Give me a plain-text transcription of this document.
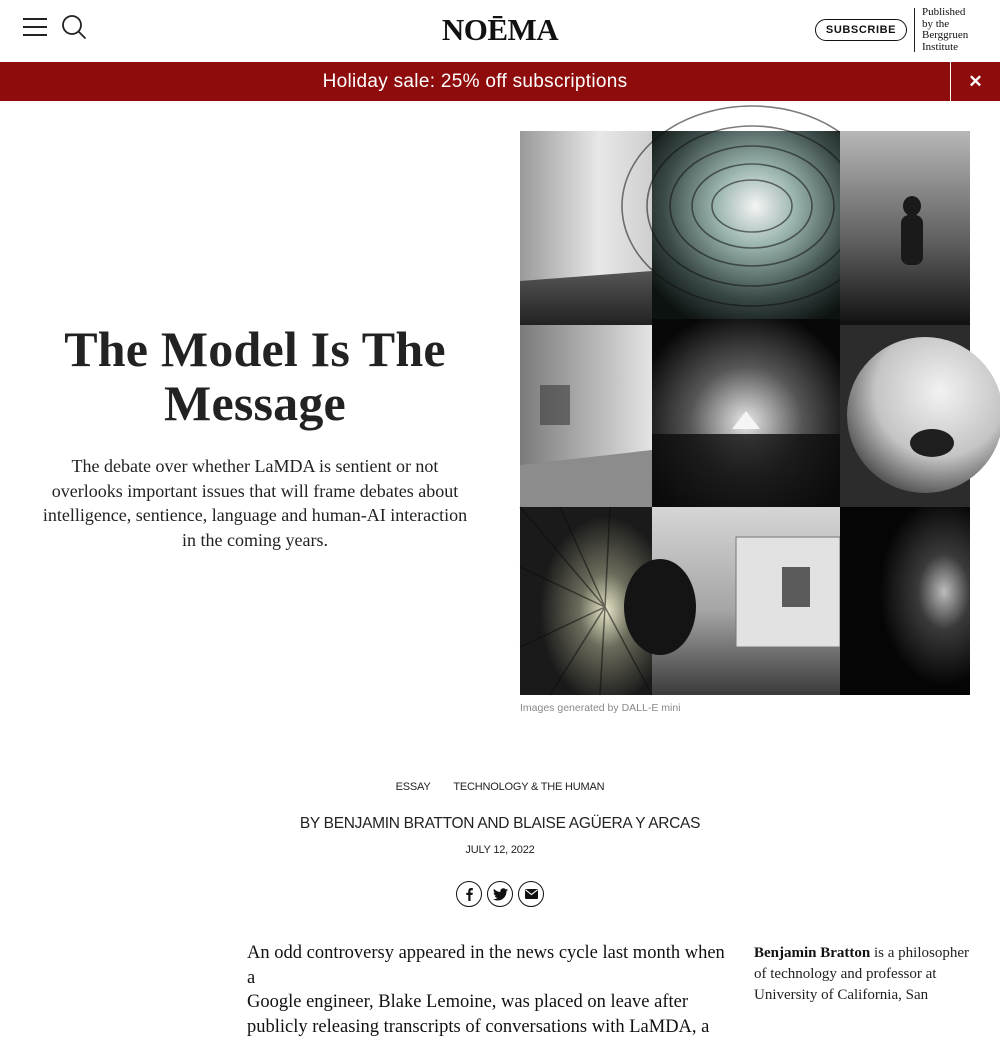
NOĒMA	SUBSCRIBE
Published
by the
Berggruen
Institute
Holiday sale: 25% off subscriptions	✕
The Model Is The Message

The debate over whether LaMDA is sentient or not overlooks important issues that will frame debates about intelligence, sentience, language and human-AI interaction in the coming years.

Images generated by DALL-E mini
ESSAY TECHNOLOGY & THE HUMAN
BY BENJAMIN BRATTON AND BLAISE AGÜERA Y ARCAS
JULY 12, 2022
An odd controversy appeared in the news cycle last month when a
Google engineer, Blake Lemoine, was placed on leave after
publicly releasing transcripts of conversations with LaMDA, a
Benjamin Bratton is a philosopher of technology and professor at University of California, San
